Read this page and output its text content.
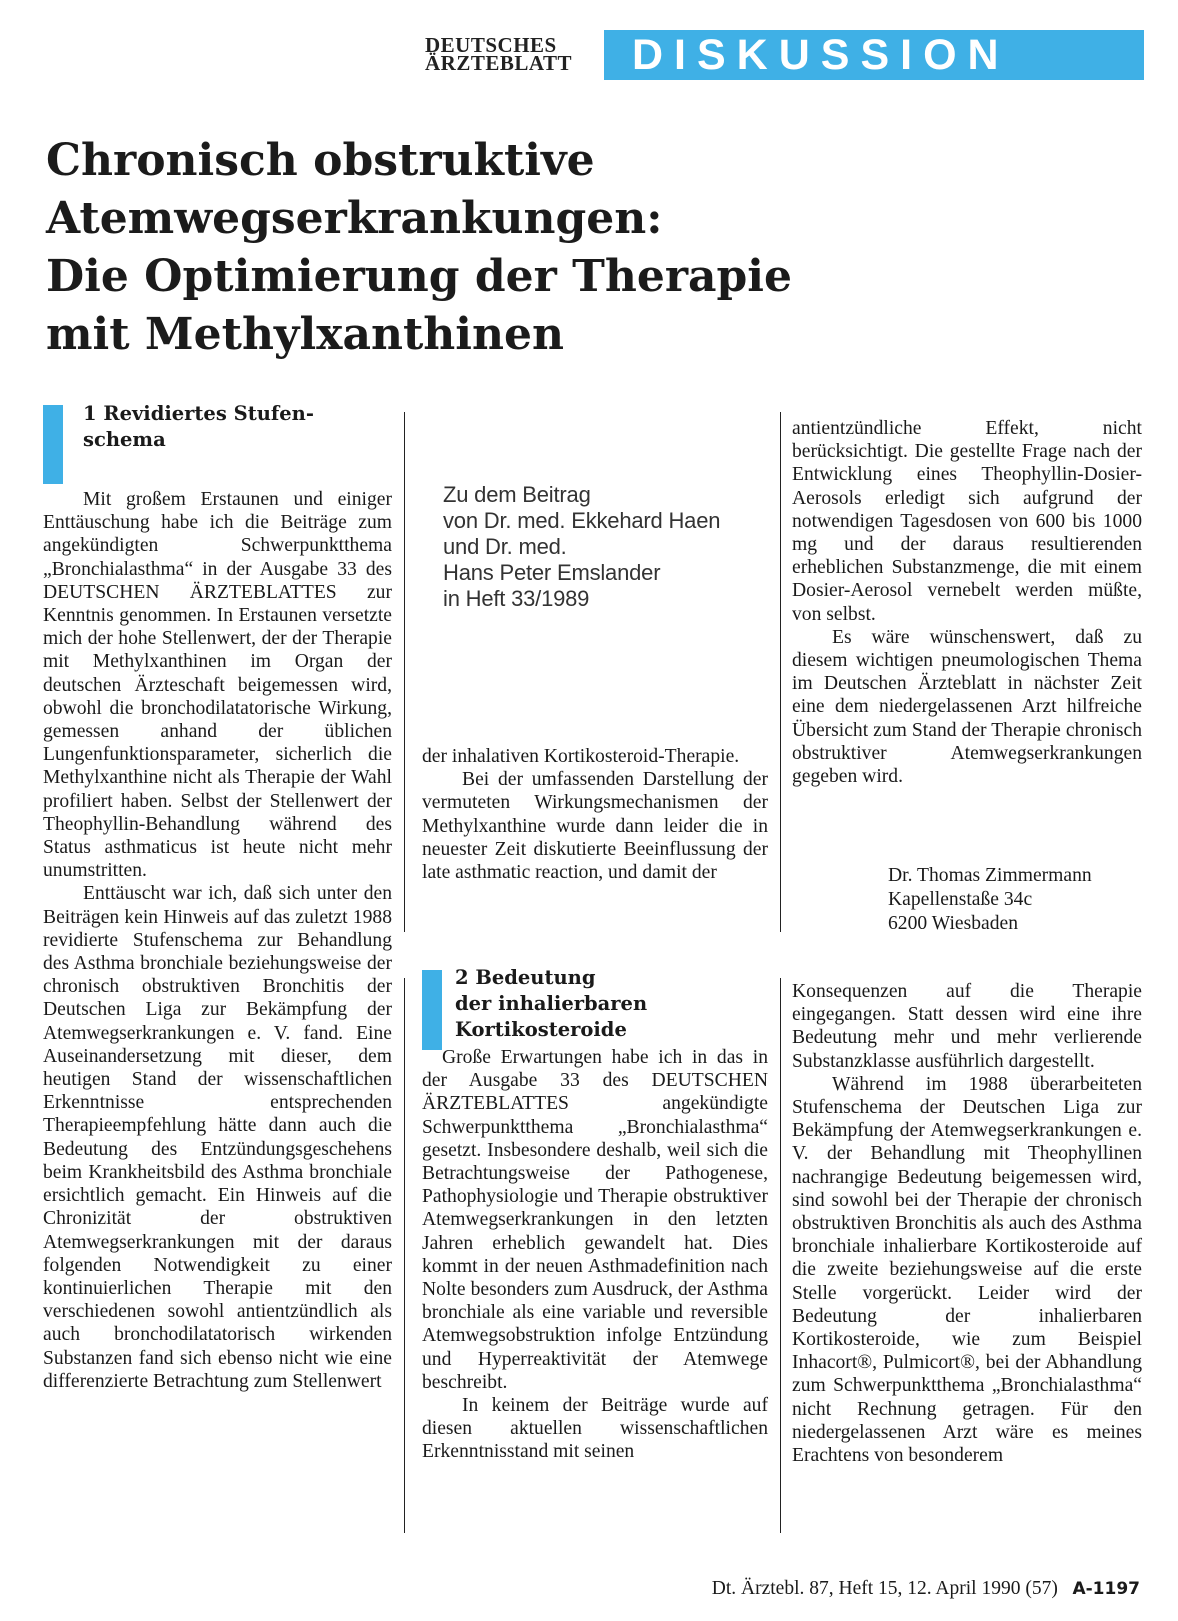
DEUTSCHES
ÄRZTEBLATT	DISKUSSION
Chronisch obstruktive
Atemwegserkrankungen:
Die Optimierung der Therapie
mit Methylxanthinen
1 Revidiertes Stufen-
schema

Mit großem Erstaunen und einiger Enttäuschung habe ich die Beiträge zum angekündigten Schwerpunktthema „Bronchialasthma“ in der Ausgabe 33 des DEUTSCHEN ÄRZTEBLATTES zur Kenntnis genommen. In Erstaunen versetzte mich der hohe Stellenwert, der der Therapie mit Methylxanthinen im Organ der deutschen Ärzteschaft beigemessen wird, obwohl die bronchodilatatorische Wirkung, gemessen anhand der üblichen Lungenfunktionsparameter, sicherlich die Methylxanthine nicht als Therapie der Wahl profiliert haben. Selbst der Stellenwert der Theophyllin-Behandlung während des Status asthmaticus ist heute nicht mehr unumstritten.

Enttäuscht war ich, daß sich unter den Beiträgen kein Hinweis auf das zuletzt 1988 revidierte Stufenschema zur Behandlung des Asthma bronchiale beziehungsweise der chronisch obstruktiven Bronchitis der Deutschen Liga zur Bekämpfung der Atemwegserkrankungen e. V. fand. Eine Auseinandersetzung mit dieser, dem heutigen Stand der wissenschaftlichen Erkenntnisse entsprechenden Therapieempfehlung hätte dann auch die Bedeutung des Entzündungsgeschehens beim Krankheitsbild des Asthma bronchiale ersichtlich gemacht. Ein Hinweis auf die Chronizität der obstruktiven Atemwegserkrankungen mit der daraus folgenden Notwendigkeit zu einer kontinuierlichen Therapie mit den verschiedenen sowohl antientzündlich als auch bronchodilatatorisch wirkenden Substanzen fand sich ebenso nicht wie eine differenzierte Betrachtung zum Stellenwert

Zu dem Beitrag
von Dr. med. Ekkehard Haen
und Dr. med.
Hans Peter Emslander
in Heft 33/1989

der inhalativen Kortikosteroid-Therapie.

Bei der umfassenden Darstellung der vermuteten Wirkungsmechanismen der Methylxanthine wurde dann leider die in neuester Zeit diskutierte Beeinflussung der late asthmatic reaction, und damit der

antientzündliche Effekt, nicht berücksichtigt. Die gestellte Frage nach der Entwicklung eines Theophyllin-Dosier-Aerosols erledigt sich aufgrund der notwendigen Tagesdosen von 600 bis 1000 mg und der daraus resultierenden erheblichen Substanzmenge, die mit einem Dosier-Aerosol vernebelt werden müßte, von selbst.

Es wäre wünschenswert, daß zu diesem wichtigen pneumologischen Thema im Deutschen Ärzteblatt in nächster Zeit eine dem niedergelassenen Arzt hilfreiche Übersicht zum Stand der Therapie chronisch obstruktiver Atemwegserkrankungen gegeben wird.

Dr. Thomas Zimmermann
Kapellenstaße 34c
6200 Wiesbaden
2 Bedeutung
der inhalierbaren
Kortikosteroide

Große Erwartungen habe ich in das in der Ausgabe 33 des DEUTSCHEN ÄRZTEBLATTES angekündigte Schwerpunktthema „Bronchialasthma“ gesetzt. Insbesondere deshalb, weil sich die Betrachtungsweise der Pathogenese, Pathophysiologie und Therapie obstruktiver Atemwegserkrankungen in den letzten Jahren erheblich gewandelt hat. Dies kommt in der neuen Asthmadefinition nach Nolte besonders zum Ausdruck, der Asthma bronchiale als eine variable und reversible Atemwegsobstruktion infolge Entzündung und Hyperreaktivität der Atemwege beschreibt.

In keinem der Beiträge wurde auf diesen aktuellen wissenschaftlichen Erkenntnisstand mit seinen

Konsequenzen auf die Therapie eingegangen. Statt dessen wird eine ihre Bedeutung mehr und mehr verlierende Substanzklasse ausführlich dargestellt.

Während im 1988 überarbeiteten Stufenschema der Deutschen Liga zur Bekämpfung der Atemwegserkrankungen e. V. der Behandlung mit Theophyllinen nachrangige Bedeutung beigemessen wird, sind sowohl bei der Therapie der chronisch obstruktiven Bronchitis als auch des Asthma bronchiale inhalierbare Kortikosteroide auf die zweite beziehungsweise auf die erste Stelle vorgerückt. Leider wird der Bedeutung der inhalierbaren Kortikosteroide, wie zum Beispiel Inhacort®, Pulmicort®, bei der Abhandlung zum Schwerpunktthema „Bronchialasthma“ nicht Rechnung getragen. Für den niedergelassenen Arzt wäre es meines Erachtens von besonderem

Dt. Ärztebl. 87, Heft 15, 12. April 1990 (57) A-1197
